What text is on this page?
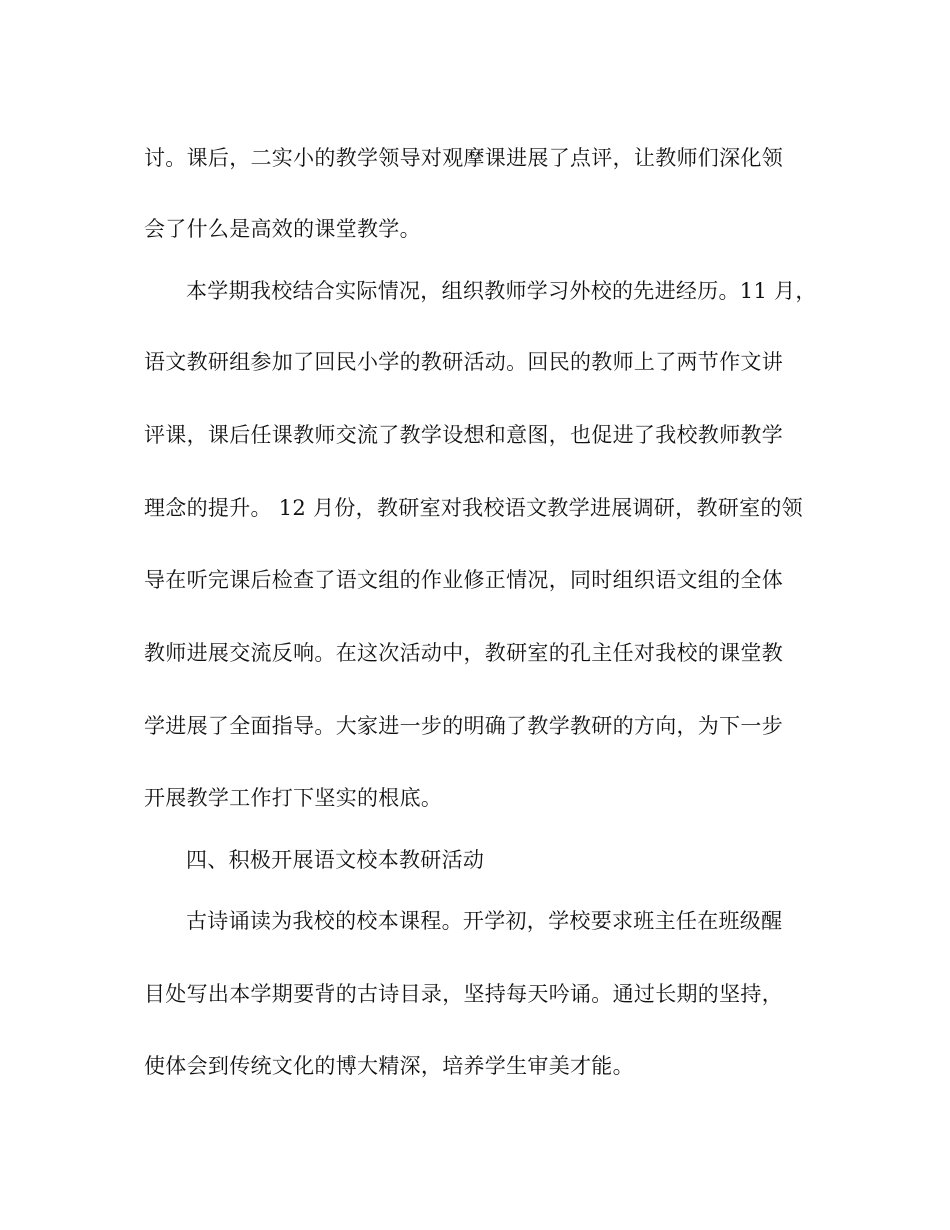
讨。课后，二实小的教学领导对观摩课进展了点评，让教师们深化领
会了什么是高效的课堂教学。
本学期我校结合实际情况，组织教师学习外校的先进经历。11 月，
语文教研组参加了回民小学的教研活动。回民的教师上了两节作文讲
评课，课后任课教师交流了教学设想和意图，也促进了我校教师教学
理念的提升。 12 月份，教研室对我校语文教学进展调研，教研室的领
导在听完课后检查了语文组的作业修正情况，同时组织语文组的全体
教师进展交流反响。在这次活动中，教研室的孔主任对我校的课堂教
学进展了全面指导。大家进一步的明确了教学教研的方向，为下一步
开展教学工作打下坚实的根底。
四、积极开展语文校本教研活动
古诗诵读为我校的校本课程。开学初，学校要求班主任在班级醒
目处写出本学期要背的古诗目录，坚持每天吟诵。通过长期的坚持，
使体会到传统文化的博大精深，培养学生审美才能。
